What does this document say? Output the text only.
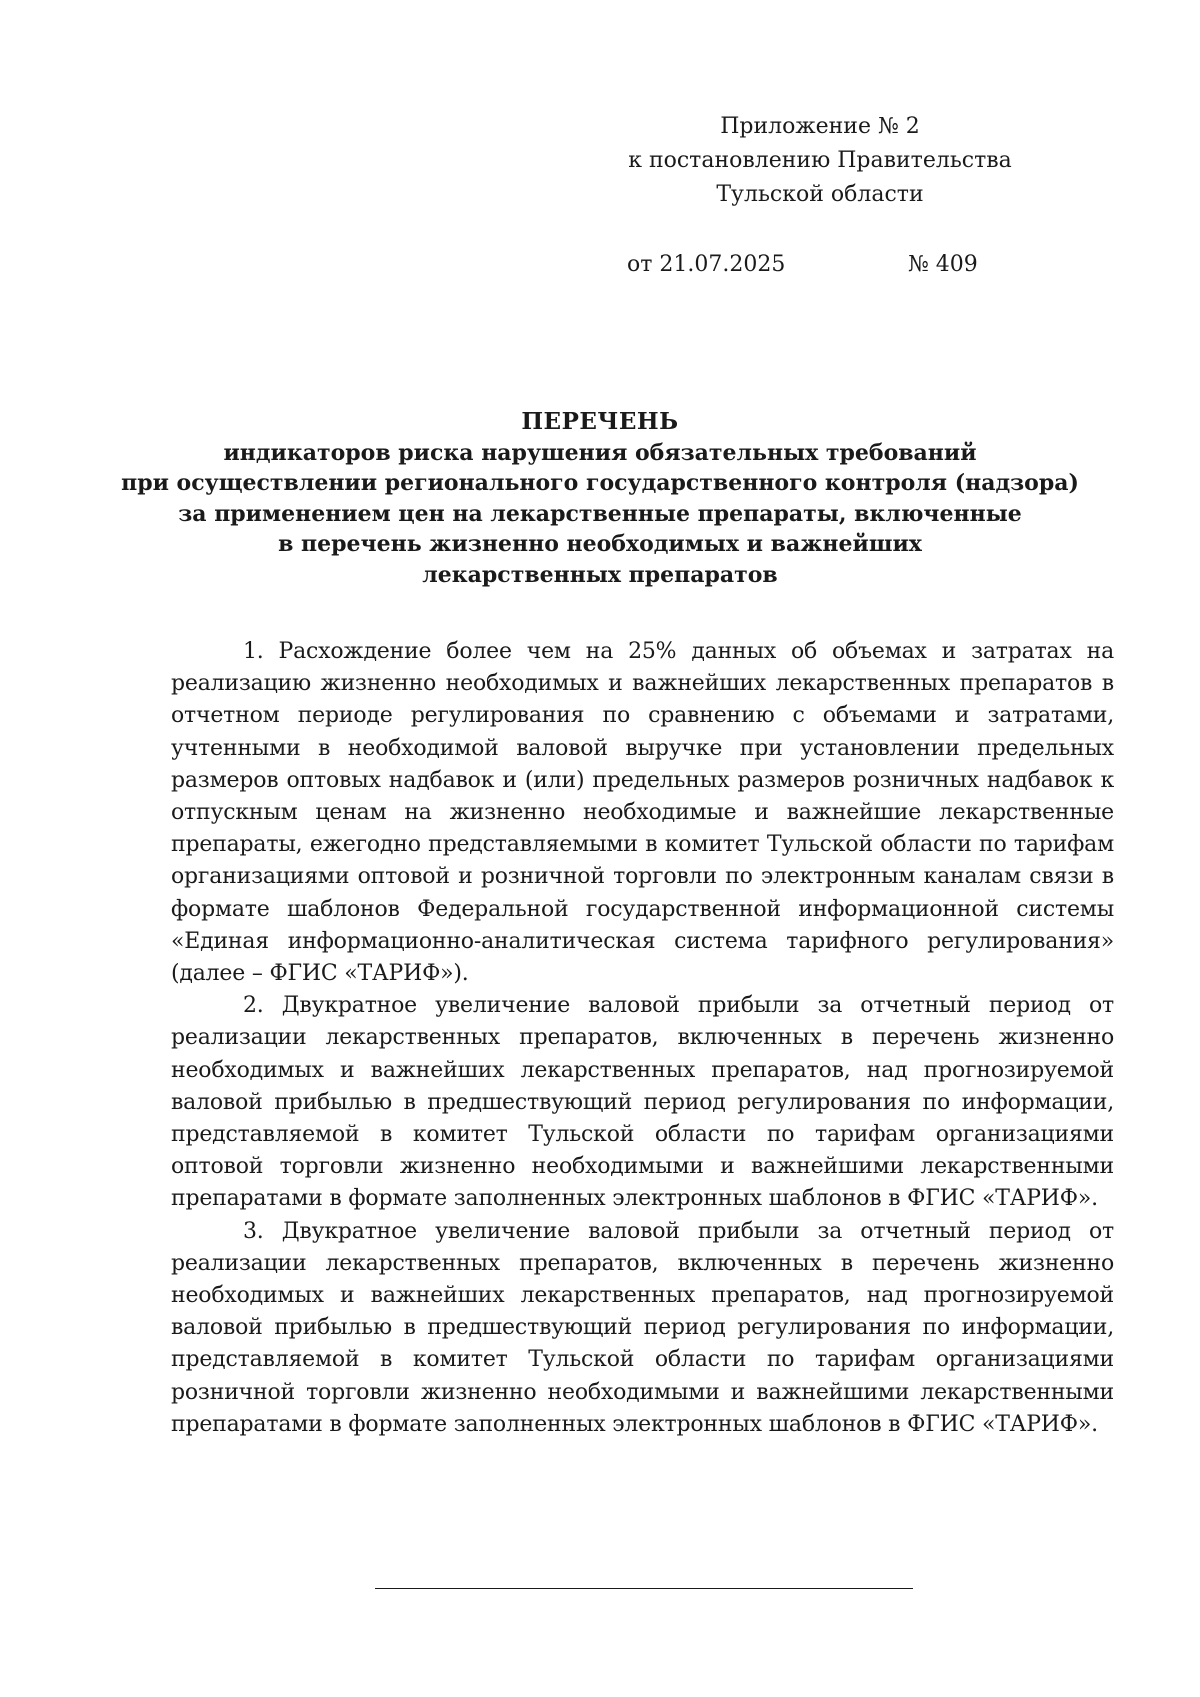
Приложение № 2
к постановлению Правительства
Тульской области
от 21.07.2025	№ 409
ПЕРЕЧЕНЬ
индикаторов риска нарушения обязательных требований
при осуществлении регионального государственного контроля (надзора)
за применением цен на лекарственные препараты, включенные
в перечень жизненно необходимых и важнейших
лекарственных препаратов

1. Расхождение более чем на 25% данных об объемах и затратах на реализацию жизненно необходимых и важнейших лекарственных препаратов в отчетном периоде регулирования по сравнению с объемами и затратами, учтенными в необходимой валовой выручке при установлении предельных размеров оптовых надбавок и (или) предельных размеров розничных надбавок к отпускным ценам на жизненно необходимые и важнейшие лекарственные препараты, ежегодно представляемыми в комитет Тульской области по тарифам организациями оптовой и розничной торговли по электронным каналам связи в формате шаблонов Федеральной государственной информационной системы «Единая информационно-аналитическая система тарифного регулирования» (далее – ФГИС «ТАРИФ»).

2. Двукратное увеличение валовой прибыли за отчетный период от реализации лекарственных препаратов, включенных в перечень жизненно необходимых и важнейших лекарственных препаратов, над прогнозируемой валовой прибылью в предшествующий период регулирования по информации, представляемой в комитет Тульской области по тарифам организациями оптовой торговли жизненно необходимыми и важнейшими лекарственными препаратами в формате заполненных электронных шаблонов в ФГИС «ТАРИФ».

3. Двукратное увеличение валовой прибыли за отчетный период от реализации лекарственных препаратов, включенных в перечень жизненно необходимых и важнейших лекарственных препаратов, над прогнозируемой валовой прибылью в предшествующий период регулирования по информации, представляемой в комитет Тульской области по тарифам организациями розничной торговли жизненно необходимыми и важнейшими лекарственными препаратами в формате заполненных электронных шаблонов в ФГИС «ТАРИФ».
